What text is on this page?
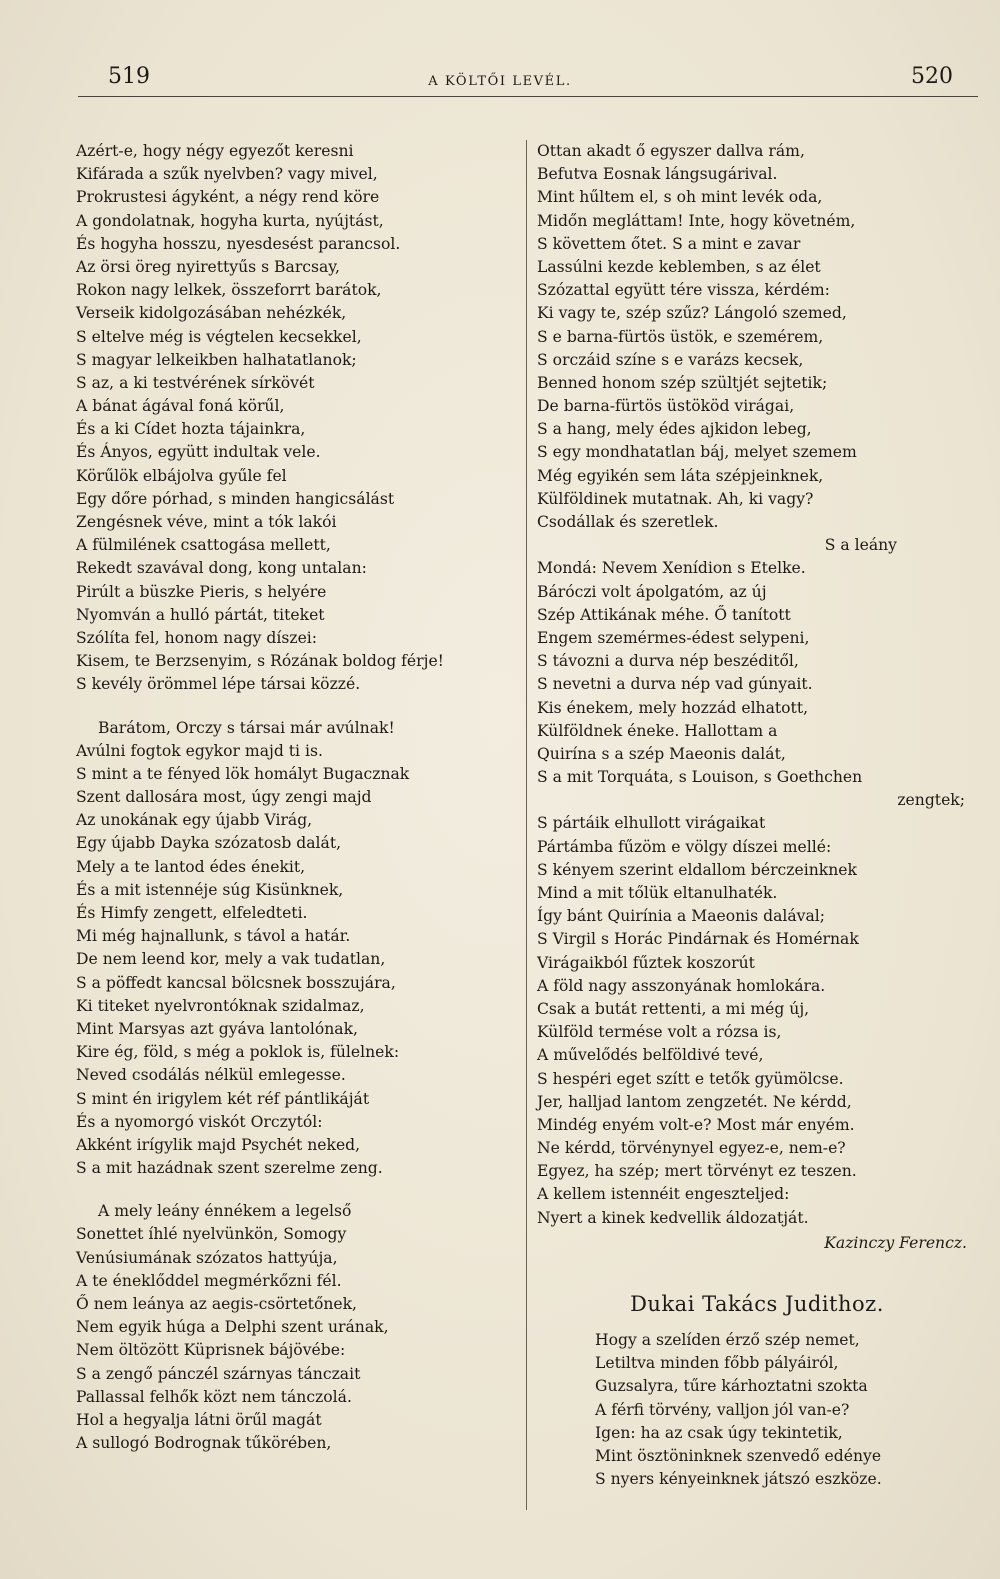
519	A KÖLTŐI LEVÉL.	520
Azért-e, hogy négy egyezőt keresni
Kifárada a szűk nyelvben? vagy mivel,
Prokrustesi ágyként, a négy rend köre
A gondolatnak, hogyha kurta, nyújtást,
És hogyha hosszu, nyesdesést parancsol.
Az örsi öreg nyirettyűs s Barcsay,
Rokon nagy lelkek, összeforrt barátok,
Verseik kidolgozásában nehézkék,
S eltelve még is végtelen kecsekkel,
S magyar lelkeikben halhatatlanok;
S az, a ki testvérének sírkövét
A bánat ágával foná körűl,
És a ki Cídet hozta tájainkra,
És Ányos, együtt indultak vele.
Körűlök elbájolva gyűle fel
Egy dőre pórhad, s minden hangicsálást
Zengésnek véve, mint a tók lakói
A fülmilének csattogása mellett,
Rekedt szavával dong, kong untalan:
Pirúlt a büszke Pieris, s helyére
Nyomván a hulló pártát, titeket
Szólíta fel, honom nagy díszei:
Kisem, te Berzsenyim, s Rózának boldog férje!
S kevély örömmel lépe társai közzé.
Barátom, Orczy s társai már avúlnak!
Avúlni fogtok egykor majd ti is.
S mint a te fényed lök homályt Bugacznak
Szent dallosára most, úgy zengi majd
Az unokának egy újabb Virág,
Egy újabb Dayka szózatosb dalát,
Mely a te lantod édes énekit,
És a mit istennéje súg Kisünknek,
És Himfy zengett, elfeledteti.
Mi még hajnallunk, s távol a határ.
De nem leend kor, mely a vak tudatlan,
S a pöffedt kancsal bölcsnek bosszujára,
Ki titeket nyelvrontóknak szidalmaz,
Mint Marsyas azt gyáva lantolónak,
Kire ég, föld, s még a poklok is, fülelnek:
Neved csodálás nélkül emlegesse.
S mint én irigylem két réf pántlikáját
És a nyomorgó viskót Orczytól:
Akként irígylik majd Psychét neked,
S a mit hazádnak szent szerelme zeng.
A mely leány énnékem a legelső
Sonettet íhlé nyelvünkön, Somogy
Venúsiumának szózatos hattyúja,
A te éneklőddel megmérkőzni fél.
Ő nem leánya az aegis-csörtetőnek,
Nem egyik húga a Delphi szent urának,
Nem öltözött Küprisnek bájövébe:
S a zengő pánczél szárnyas tánczait
Pallassal felhők közt nem tánczolá.
Hol a hegyalja látni örűl magát
A sullogó Bodrognak tűkörében,
Ottan akadt ő egyszer dallva rám,
Befutva Eosnak lángsugárival.
Mint hűltem el, s oh mint levék oda,
Midőn megláttam! Inte, hogy követném,
S követtem őtet. S a mint e zavar
Lassúlni kezde keblemben, s az élet
Szózattal együtt tére vissza, kérdém:
Ki vagy te, szép szűz? Lángoló szemed,
S e barna-fürtös üstök, e szemérem,
S orczáid színe s e varázs kecsek,
Benned honom szép szültjét sejtetik;
De barna-fürtös üstököd virágai,
S a hang, mely édes ajkidon lebeg,
S egy mondhatatlan báj, melyet szemem
Még egyikén sem láta szépjeinknek,
Külföldinek mutatnak. Ah, ki vagy?
Csodállak és szeretlek.
S a leány
Mondá: Nevem Xenídion s Etelke.
Báróczi volt ápolgatóm, az új
Szép Attikának méhe. Ő tanított
Engem szemérmes-édest selypeni,
S távozni a durva nép beszéditől,
S nevetni a durva nép vad gúnyait.
Kis énekem, mely hozzád elhatott,
Külföldnek éneke. Hallottam a
Quirína s a szép Maeonis dalát,
S a mit Torquáta, s Louison, s Goethchen
zengtek;
S pártáik elhullott virágaikat
Pártámba fűzöm e völgy díszei mellé:
S kényem szerint eldallom bérczeinknek
Mind a mit tőlük eltanulhaték.
Így bánt Quirínia a Maeonis dalával;
S Virgil s Horác Pindárnak és Homérnak
Virágaikból fűztek koszorút
A föld nagy asszonyának homlokára.
Csak a butát rettenti, a mi még új,
Külföld termése volt a rózsa is,
A művelődés belföldivé tevé,
S hespéri eget szítt e tetők gyümölcse.
Jer, halljad lantom zengzetét. Ne kérdd,
Mindég enyém volt-e? Most már enyém.
Ne kérdd, törvénynyel egyez-e, nem-e?
Egyez, ha szép; mert törvényt ez teszen.
A kellem istennéit engeszteljed:
Nyert a kinek kedvellik áldozatját.
Kazinczy Ferencz.
Dukai Takács Judithoz.
Hogy a szelíden érző szép nemet,
Letiltva minden főbb pályáiról,
Guzsalyra, tűre kárhoztatni szokta
A férfi törvény, valljon jól van-e?
Igen: ha az csak úgy tekintetik,
Mint ösztöninknek szenvedő edénye
S nyers kényeinknek játszó eszköze.
